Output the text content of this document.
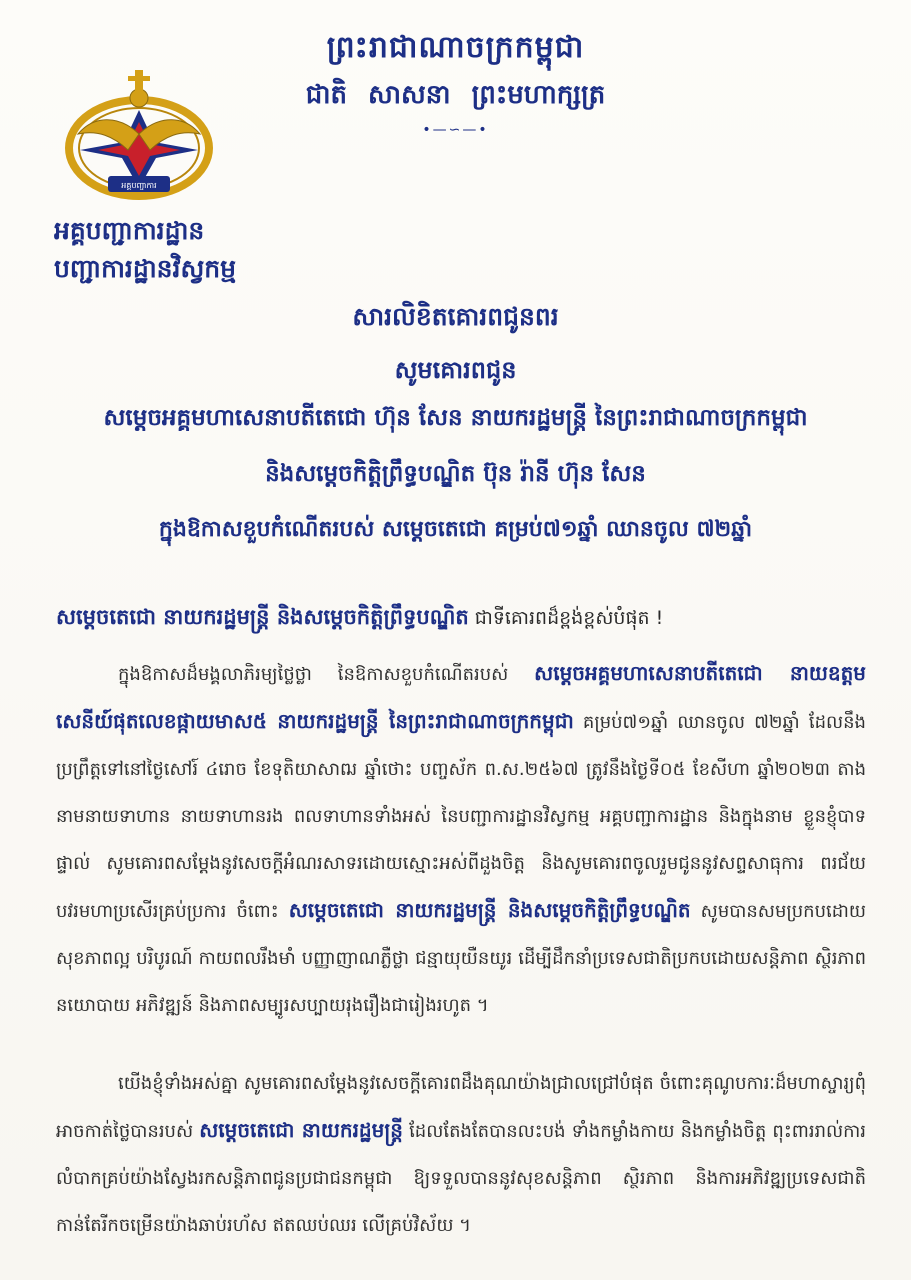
ព្រះរាជាណាចក្រកម្ពុជា
ជាតិ សាសនា ព្រះមហាក្សត្រ
•—∽—•
អគ្គបញ្ជាការ
អគ្គបញ្ជាការដ្ឋាន
បញ្ជាការដ្ឋានវិស្វកម្ម
សារលិខិតគោរពជូនពរ
សូមគោរពជូន
សម្តេចអគ្គមហាសេនាបតីតេជោ ហ៊ុន សែន នាយករដ្ឋមន្ត្រី នៃព្រះរាជាណាចក្រកម្ពុជា
និងសម្តេចកិត្តិព្រឹទ្ធបណ្ឌិត ប៊ុន រ៉ានី ហ៊ុន សែន
ក្នុងឱកាសខួបកំណើតរបស់ សម្តេចតេជោ គម្រប់៧១ឆ្នាំ ឈានចូល ៧២ឆ្នាំ
សម្តេចតេជោ នាយករដ្ឋមន្ត្រី និងសម្តេចកិត្តិព្រឹទ្ធបណ្ឌិត ជាទីគោរពដ៏ខ្ពង់ខ្ពស់បំផុត !
ក្នុងឱកាសដ៏មង្គលាភិរម្យថ្លៃថ្លា នៃឱកាសខួបកំណើតរបស់ សម្តេចអគ្គមហាសេនាបតីតេជោ នាយឧត្តមសេនីយ៍ផុតលេខផ្កាយមាស៥ នាយករដ្ឋមន្ត្រី នៃព្រះរាជាណាចក្រកម្ពុជា គម្រប់៧១ឆ្នាំ ឈានចូល ៧២ឆ្នាំ ដែលនឹងប្រព្រឹត្តទៅនៅថ្ងៃសៅរ៍ ៤រោច ខែទុតិយាសាឍ ឆ្នាំថោះ បញ្ចស័ក ព.ស.២៥៦៧ ត្រូវនឹងថ្ងៃទី០៥ ខែសីហា ឆ្នាំ២០២៣ តាងនាមនាយទាហាន នាយទាហានរង ពលទាហានទាំងអស់ នៃបញ្ជាការដ្ឋានវិស្វកម្ម អគ្គបញ្ជាការដ្ឋាន និងក្នុងនាម ខ្លួនខ្ញុំបាទផ្ទាល់ សូមគោរពសម្តែងនូវសេចក្តីអំណរសាទរដោយស្មោះអស់ពីដួងចិត្ត និងសូមគោរពចូលរួមជូននូវសព្ទសាធុការ ពរជ័យ បវរមហាប្រសើរគ្រប់ប្រការ ចំពោះ សម្តេចតេជោ នាយករដ្ឋមន្ត្រី និងសម្តេចកិត្តិព្រឹទ្ធបណ្ឌិត សូមបានសមប្រកបដោយ សុខភាពល្អ បរិបូរណ៍ កាយពលរឹងមាំ បញ្ញាញាណភ្លឺថ្លា ជន្មាយុយឺនយូរ ដើម្បីដឹកនាំប្រទេសជាតិប្រកបដោយសន្តិភាព ស្ថិរភាពនយោបាយ អភិវឌ្ឍន៍ និងភាពសម្បូរសប្បាយរុងរឿងជារៀងរហូត ។
យើងខ្ញុំទាំងអស់គ្នា សូមគោរពសម្តែងនូវសេចក្តីគោរពដឹងគុណយ៉ាងជ្រាលជ្រៅបំផុត ចំពោះគុណូបការៈដ៏មហាស្ចារ្យពុំអាចកាត់ថ្លៃបានរបស់ សម្តេចតេជោ នាយករដ្ឋមន្ត្រី ដែលតែងតែបានលះបង់ ទាំងកម្លាំងកាយ និងកម្លាំងចិត្ត ពុះពាររាល់ការលំបាកគ្រប់យ៉ាងស្វែងរកសន្តិភាពជូនប្រជាជនកម្ពុជា ឱ្យទទួលបាននូវសុខសន្តិភាព ស្ថិរភាព និងការអភិវឌ្ឍប្រទេសជាតិ កាន់តែរីកចម្រើនយ៉ាងឆាប់រហ័ស ឥតឈប់ឈរ លើគ្រប់វិស័យ ។
